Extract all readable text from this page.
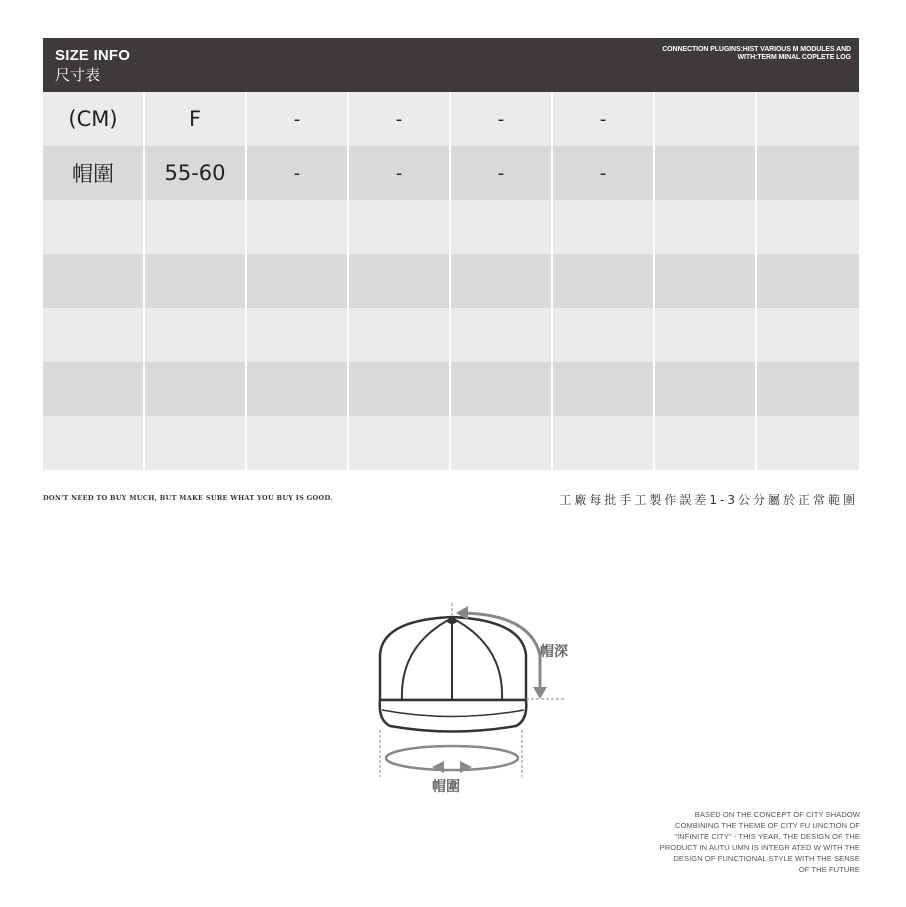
SIZE INFO
尺寸表
CONNECTION PLUGINS:HIST VARIOUS M MODULES AND
WITH:TERM MINAL COPLETE LOG
(CM)	F	-	-	-	-
帽圍	55-60	-	-	-	-
DON'T NEED TO BUY MUCH, BUT MAKE SURE WHAT YOU BUY IS GOOD.	工廠每批手工製作誤差1-3公分屬於正常範圍
帽深
帽圍
BASED ON THE CONCEPT OF CITY SHADOW
COMBINING THE THEME OF CITY FU UNCTION OF
"INFINITE CITY" - THIS YEAR, THE DESIGN OF THE
PRODUCT IN AUTU UMN IS INTEGR ATED W WITH THE
DESIGN OF FUNCTIONAL STYLE WITH THE SENSE
OF THE FUTURE
